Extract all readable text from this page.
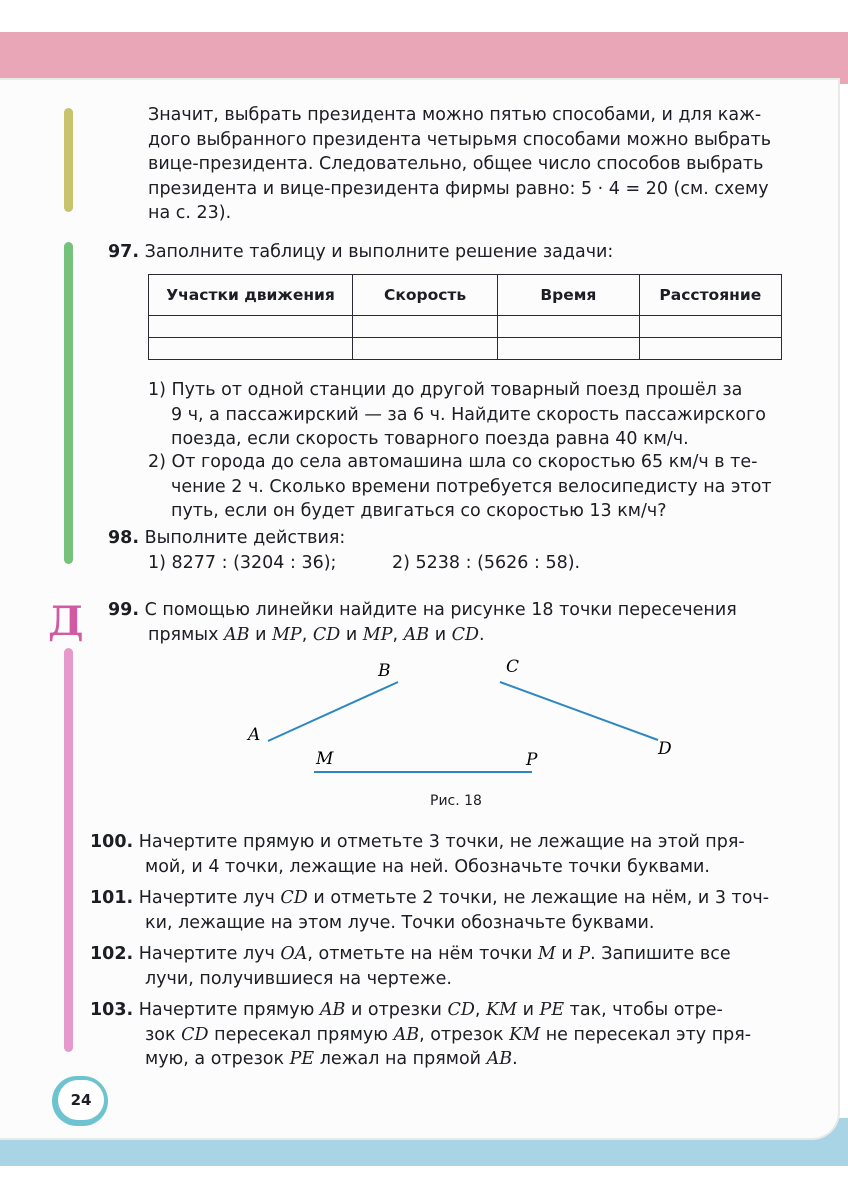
Д
Значит, выбрать президента можно пятью способами, и для каж-
дого выбранного президента четырьмя способами можно выбрать
вице-президента. Следовательно, общее число способов выбрать
президента и вице-президента фирмы равно: 5 · 4 = 20 (см. схему
на с. 23).
97. Заполните таблицу и выполните решение задачи:
Участки движения	Скорость	Время	Расстояние

1) Путь от одной станции до другой товарный поезд прошёл за
9 ч, а пассажирский — за 6 ч. Найдите скорость пассажирского
поезда, если скорость товарного поезда равна 40 км/ч.
2) От города до села автомашина шла со скоростью 65 км/ч в те-
чение 2 ч. Сколько времени потребуется велосипедисту на этот
путь, если он будет двигаться со скоростью 13 км/ч?
98. Выполните действия:
1) 8277 : (3204 : 36);	2) 5238 : (5626 : 58).
99. С помощью линейки найдите на рисунке 18 точки пересечения
прямых AB и MP, CD и MP, AB и CD.
A
B	C
D
M	P
Рис. 18
100. Начертите прямую и отметьте 3 точки, не лежащие на этой пря-
мой, и 4 точки, лежащие на ней. Обозначьте точки буквами.
101. Начертите луч CD и отметьте 2 точки, не лежащие на нём, и 3 точ-
ки, лежащие на этом луче. Точки обозначьте буквами.
102. Начертите луч OA, отметьте на нём точки M и P. Запишите все
лучи, получившиеся на чертеже.
103. Начертите прямую AB и отрезки CD, KM и PE так, чтобы отре-
зок CD пересекал прямую AB, отрезок KM не пересекал эту пря-
мую, а отрезок PE лежал на прямой AB.
24
